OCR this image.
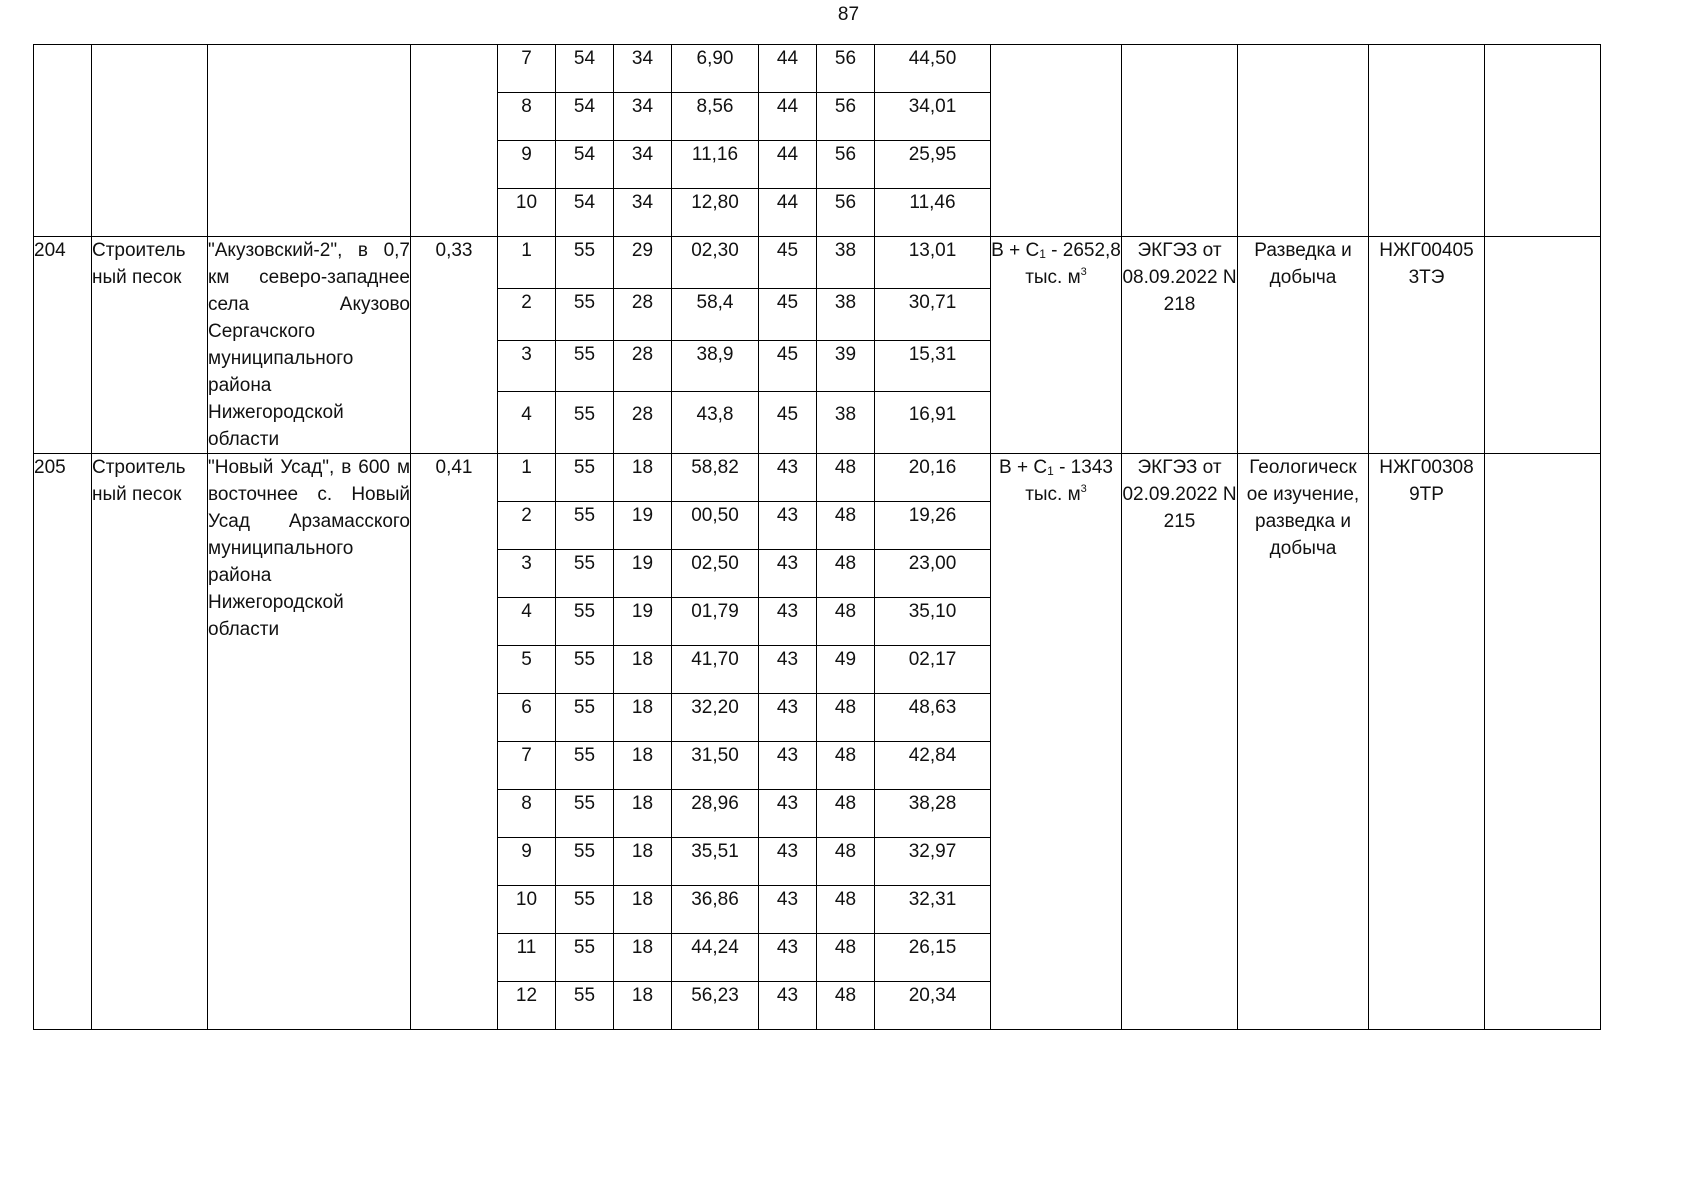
87
				7	54	34	6,90	44	56	44,50					
				8	54	34	8,56	44	56	34,01					
				9	54	34	11,16	44	56	25,95					
				10	54	34	12,80	44	56	11,46					
204	Строитель ный песок	"Акузовский-2", в 0,7 км северо-западнее села Акузово Сергачского муниципального района Нижегородской области	0,33	1	55	29	02,30	45	38	13,01	$B + C_1 - 2652,8$ тыс. $м^3$	ЭКГЭЗ от 08.09.2022 N 218	Разведка и добыча	НЖГ00405 3ТЭ	
				2	55	28	58,4	45	38	30,71					
				3	55	28	38,9	45	39	15,31					
				4	55	28	43,8	45	38	16,91					
205	Строитель ный песок	"Новый Усад", в 600 м восточнее с. Новый Усад Арзамасского муниципального района Нижегородской области	0,41	1	55	18	58,82	43	48	20,16	$B + C_1 - 1343$ тыс. $м^3$	ЭКГЭЗ от 02.09.2022 N 215	Геологическ ое изучение, разведка и добыча	НЖГ00308 9ТР	
				2	55	19	00,50	43	48	19,26					
				3	55	19	02,50	43	48	23,00					
				4	55	19	01,79	43	48	35,10					
				5	55	18	41,70	43	49	02,17					
				6	55	18	32,20	43	48	48,63					
				7	55	18	31,50	43	48	42,84					
				8	55	18	28,96	43	48	38,28					
				9	55	18	35,51	43	48	32,97					
				10	55	18	36,86	43	48	32,31					
				11	55	18	44,24	43	48	26,15					
				12	55	18	56,23	43	48	20,34					
